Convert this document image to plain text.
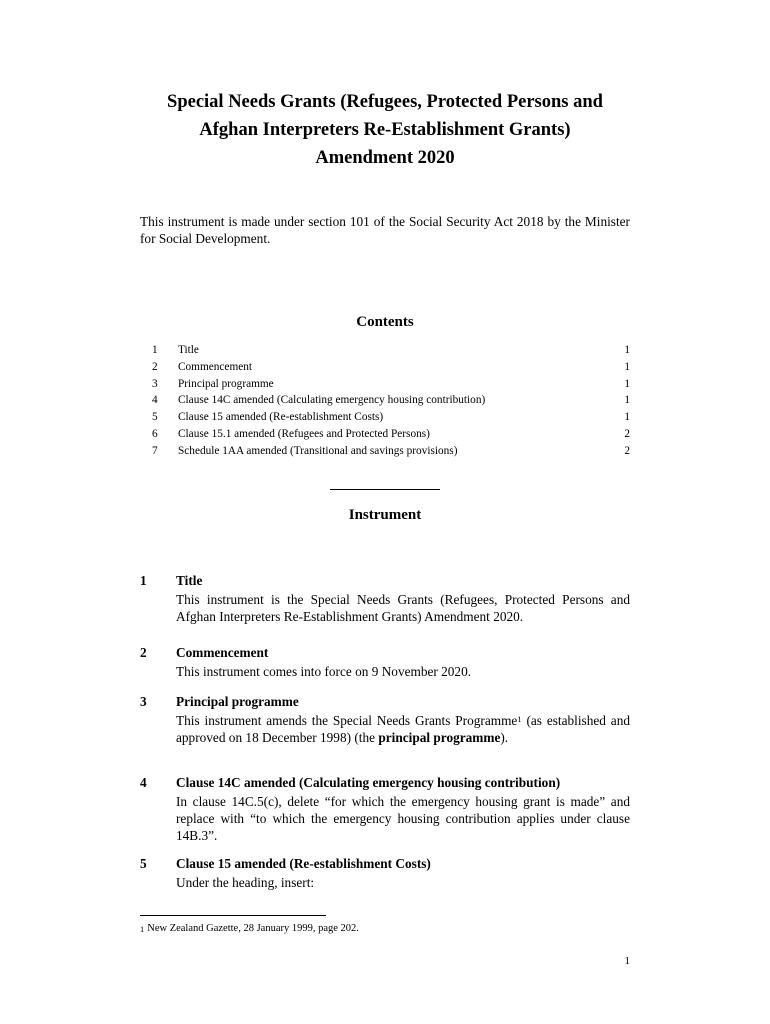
Special Needs Grants (Refugees, Protected Persons and
Afghan Interpreters Re-Establishment Grants)
Amendment 2020
This instrument is made under section 101 of the Social Security Act 2018 by the Minister for Social Development.
Contents
1 Title	1
2 Commencement	1
3 Principal programme	1
4 Clause 14C amended (Calculating emergency housing contribution)	1
5 Clause 15 amended (Re-establishment Costs)	1
6 Clause 15.1 amended (Refugees and Protected Persons)	2
7 Schedule 1AA amended (Transitional and savings provisions)	2
Instrument
1 Title
This instrument is the Special Needs Grants (Refugees, Protected Persons and Afghan Interpreters Re-Establishment Grants) Amendment 2020.
2 Commencement
This instrument comes into force on 9 November 2020.
3 Principal programme
This instrument amends the Special Needs Grants Programme$^1$ (as established and approved on 18 December 1998) (the principal programme).
4 Clause 14C amended (Calculating emergency housing contribution)
In clause 14C.5(c), delete “for which the emergency housing grant is made” and replace with “to which the emergency housing contribution applies under clause 14B.3”.
5 Clause 15 amended (Re-establishment Costs)
Under the heading, insert:
$^1$ New Zealand Gazette, 28 January 1999, page 202.
1
